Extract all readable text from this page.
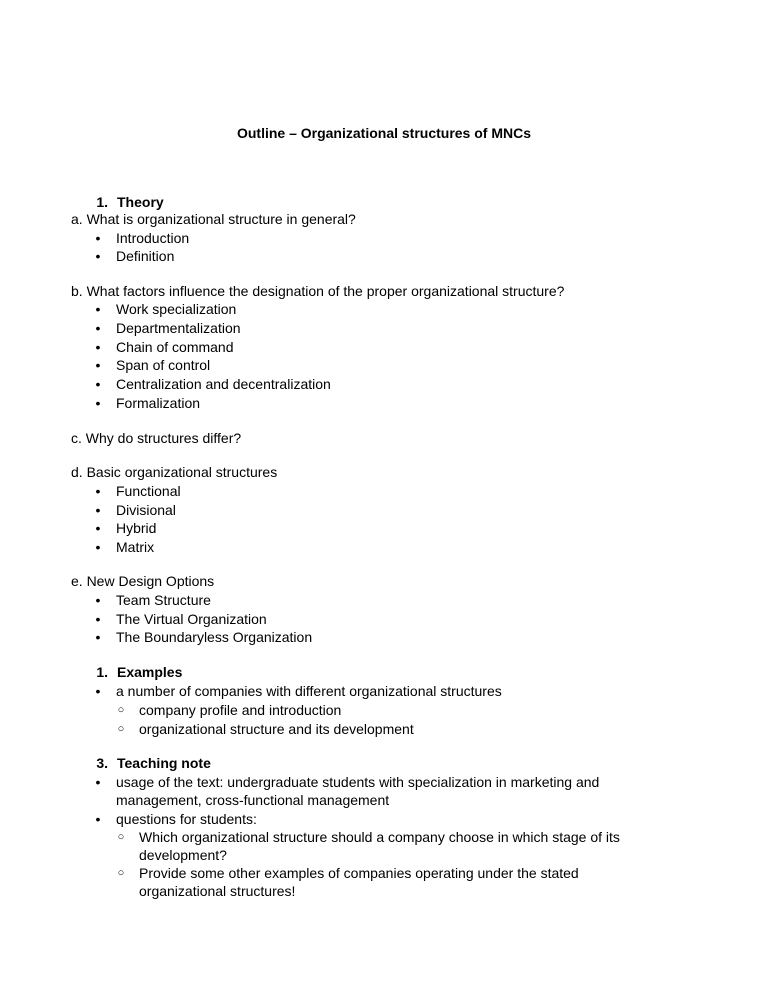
Outline – Organizational structures of MNCs
1. Theory
a. What is organizational structure in general?
• Introduction
• Definition
b. What factors influence the designation of the proper organizational structure?
• Work specialization
• Departmentalization
• Chain of command
• Span of control
• Centralization and decentralization
• Formalization
c. Why do structures differ?
d. Basic organizational structures
• Functional
• Divisional
• Hybrid
• Matrix
e. New Design Options
• Team Structure
• The Virtual Organization
• The Boundaryless Organization
1. Examples
• a number of companies with different organizational structures
○ company profile and introduction
○ organizational structure and its development
3. Teaching note
• usage of the text: undergraduate students with specialization in marketing and
management, cross-functional management
• questions for students:
○ Which organizational structure should a company choose in which stage of its
development?
○ Provide some other examples of companies operating under the stated
organizational structures!
